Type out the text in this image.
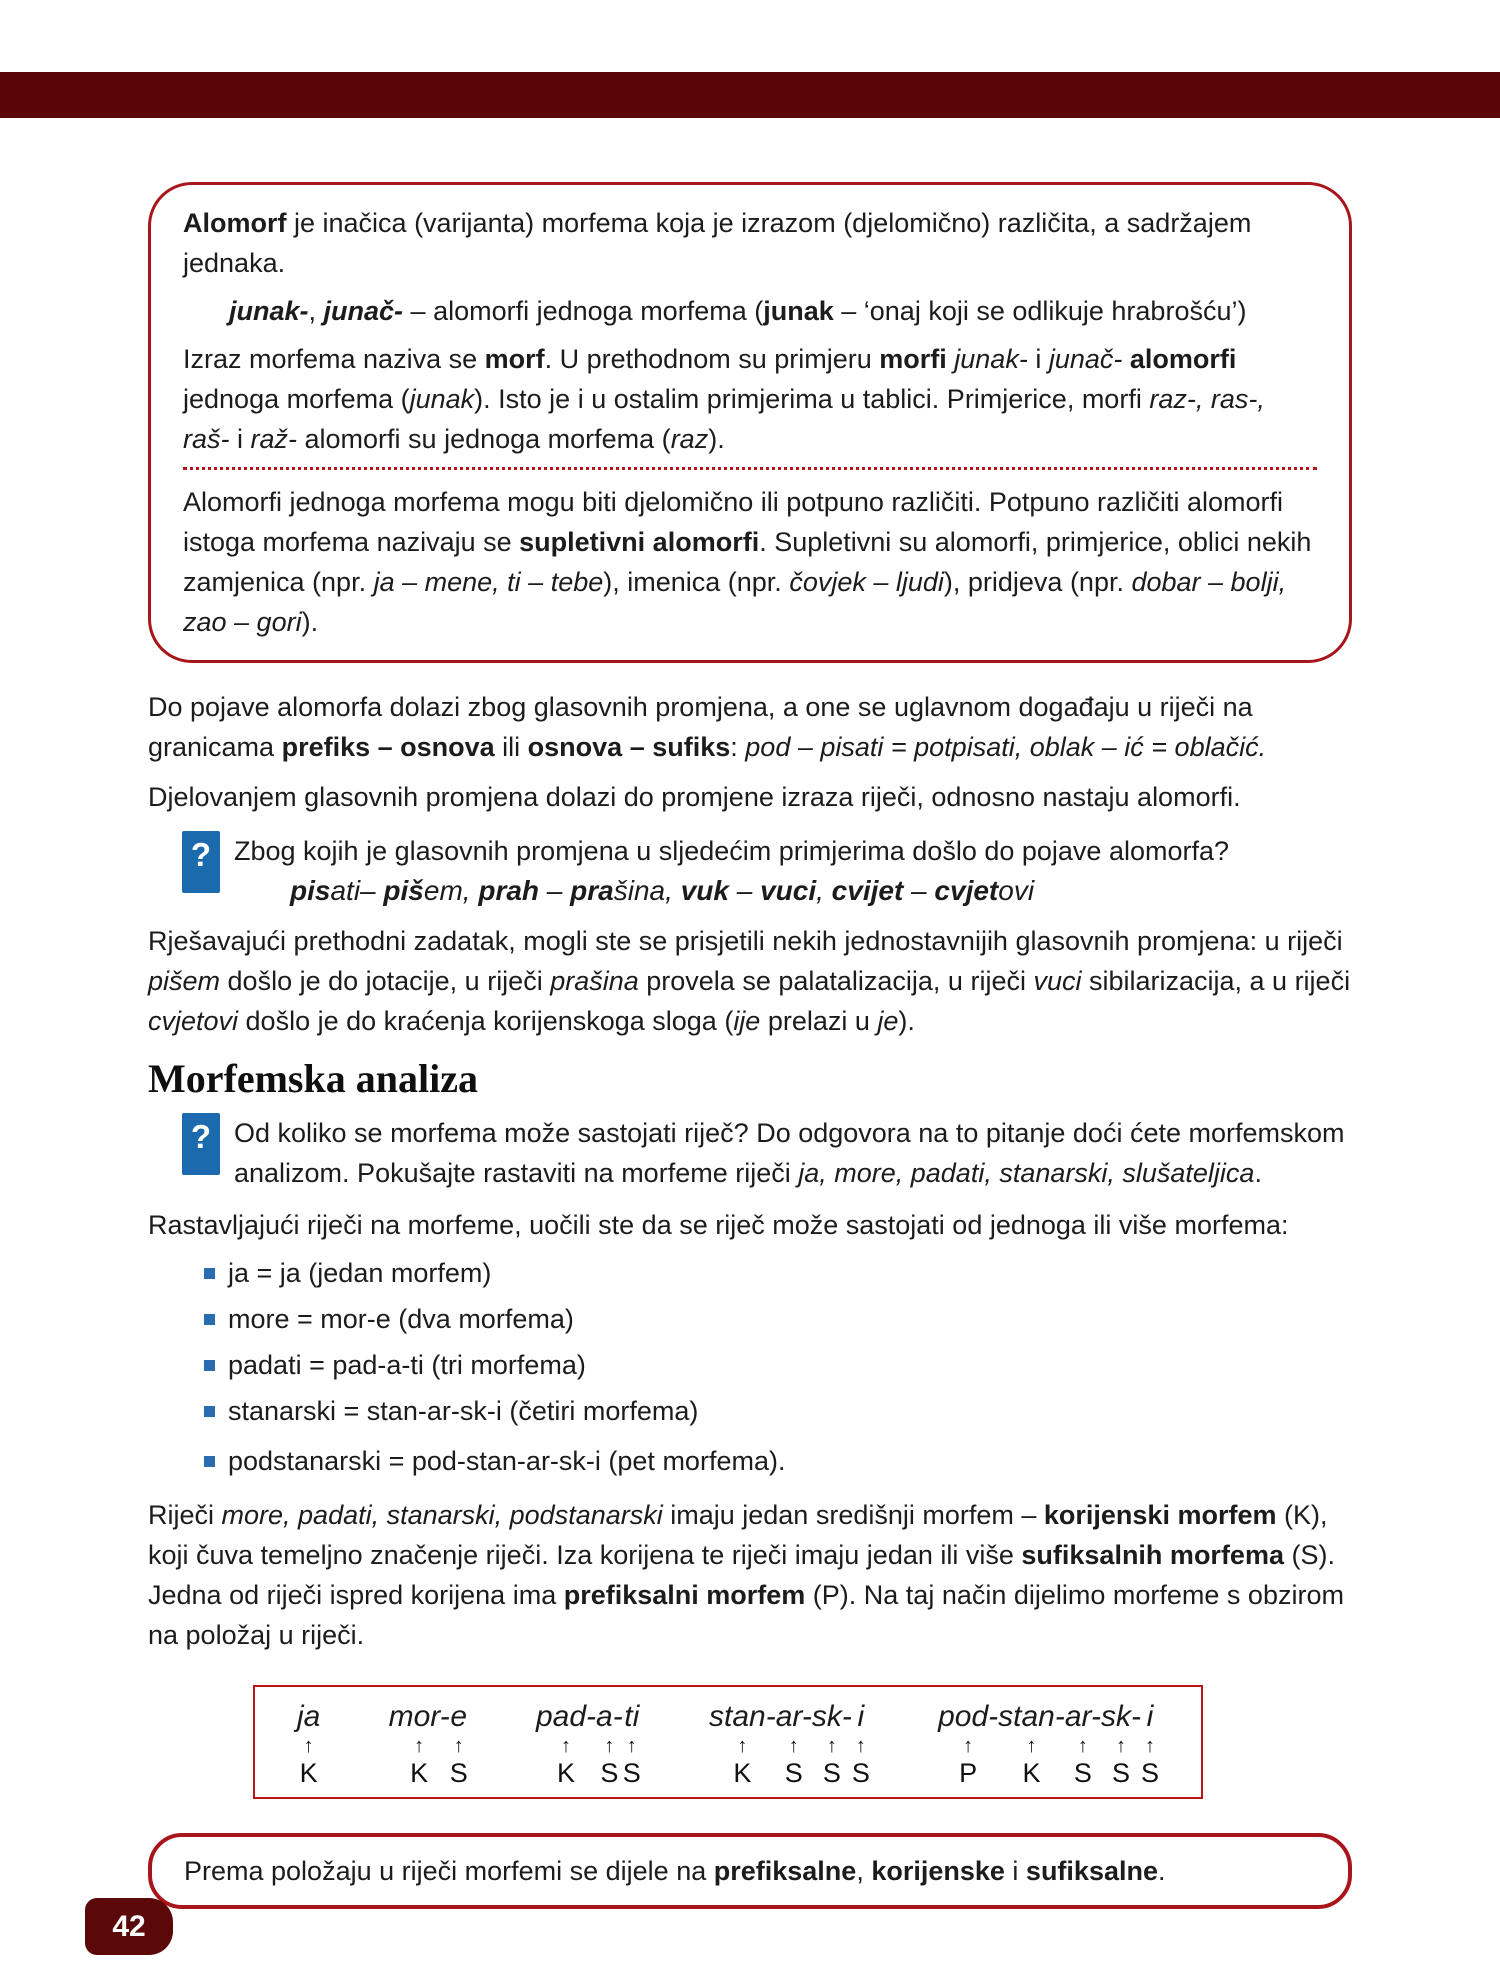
Alomorf je inačica (varijanta) morfema koja je izrazom (djelomično) različita, a sadržajem jednaka.

junak-, junač- – alomorfi jednoga morfema (junak – ‘onaj koji se odlikuje hrabrošću’)

Izraz morfema naziva se morf. U prethodnom su primjeru morfi junak- i junač- alomorfi jednoga morfema (junak). Isto je i u ostalim primjerima u tablici. Primjerice, morfi raz-, ras-, raš- i raž- alomorfi su jednoga morfema (raz).

Alomorfi jednoga morfema mogu biti djelomično ili potpuno različiti. Potpuno različiti alomorfi istoga morfema nazivaju se supletivni alomorfi. Supletivni su alomorfi, primjerice, oblici nekih zamjenica (npr. ja – mene, ti – tebe), imenica (npr. čovjek – ljudi), pridjeva (npr. dobar – bolji, zao – gori).

Do pojave alomorfa dolazi zbog glasovnih promjena, a one se uglavnom događaju u riječi na granicama prefiks – osnova ili osnova – sufiks: pod – pisati = potpisati, oblak – ić = oblačić.

Djelovanjem glasovnih promjena dolazi do promjene izraza riječi, odnosno nastaju alomorfi.

? Zbog kojih je glasovnih promjena u sljedećim primjerima došlo do pojave alomorfa?

pisati– pišem, prah – prašina, vuk – vuci, cvijet – cvjetovi

Rješavajući prethodni zadatak, mogli ste se prisjetili nekih jednostavnijih glasovnih promjena: u riječi pišem došlo je do jotacije, u riječi prašina provela se palatalizacija, u riječi vuci sibilarizacija, a u riječi cvjetovi došlo je do kraćenja korijenskoga sloga (ije prelazi u je).

Morfemska analiza
? Od koliko se morfema može sastojati riječ? Do odgovora na to pitanje doći ćete morfemskom analizom. Pokušajte rastaviti na morfeme riječi ja, more, padati, stanarski, slušateljica.

Rastavljajući riječi na morfeme, uočili ste da se riječ može sastojati od jednoga ili više morfema:

ja = ja (jedan morfem)
more = mor-e (dva morfema)
padati = pad-a-ti (tri morfema)
stanarski = stan-ar-sk-i (četiri morfema)
podstanarski = pod-stan-ar-sk-i (pet morfema).

Riječi more, padati, stanarski, podstanarski imaju jedan središnji morfem – korijenski morfem (K), koji čuva temeljno značenje riječi. Iza korijena te riječi imaju jedan ili više sufiksalnih morfema (S). Jedna od riječi ispred korijena ima prefiksalni morfem (P). Na taj način dijelimo morfeme s obzirom na položaj u riječi.

ja
↑
K
mor-	e
↑	↑
K	S
pad-	a-	ti
↑	↑	↑
K	S	S
stan-	ar-	sk-	i
↑	↑	↑	↑
K	S	S	S
pod-	stan-	ar-	sk-	i
↑	↑	↑	↑	↑
P	K	S	S	S

Prema položaju u riječi morfemi se dijele na prefiksalne, korijenske i sufiksalne.

42
